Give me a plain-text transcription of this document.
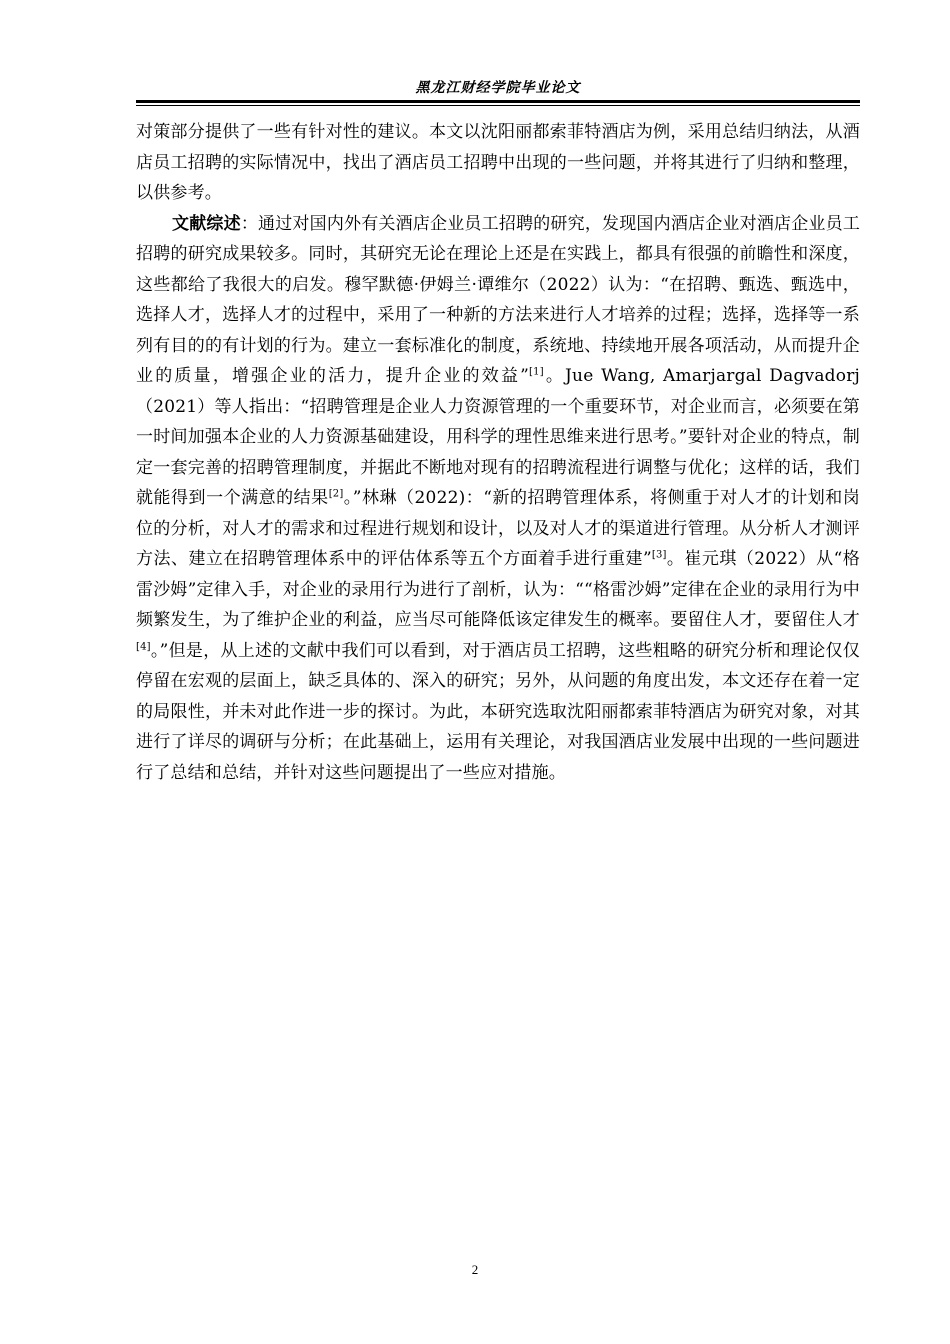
黑龙江财经学院毕业论文

对策部分提供了一些有针对性的建议。本文以沈阳丽都索菲特酒店为例，采用总结归纳法，从酒店员工招聘的实际情况中，找出了酒店员工招聘中出现的一些问题，并将其进行了归纳和整理，以供参考。

文献综述：通过对国内外有关酒店企业员工招聘的研究，发现国内酒店企业对酒店企业员工招聘的研究成果较多。同时，其研究无论在理论上还是在实践上，都具有很强的前瞻性和深度，这些都给了我很大的启发。穆罕默德·伊姆兰·谭维尔（2022）认为：“在招聘、甄选、甄选中，选择人才，选择人才的过程中，采用了一种新的方法来进行人才培养的过程；选择，选择等一系列有目的的有计划的行为。建立一套标准化的制度，系统地、持续地开展各项活动，从而提升企业的质量，增强企业的活力，提升企业的效益”[1]。Jue Wang, Amarjargal Dagvadorj （2021）等人指出：“招聘管理是企业人力资源管理的一个重要环节，对企业而言，必须要在第一时间加强本企业的人力资源基础建设，用科学的理性思维来进行思考。”要针对企业的特点，制定一套完善的招聘管理制度，并据此不断地对现有的招聘流程进行调整与优化；这样的话，我们就能得到一个满意的结果[2]。”林琳（2022)：“新的招聘管理体系，将侧重于对人才的计划和岗位的分析，对人才的需求和过程进行规划和设计，以及对人才的渠道进行管理。从分析人才测评方法、建立在招聘管理体系中的评估体系等五个方面着手进行重建”[3]。崔元琪（2022）从“格雷沙姆”定律入手，对企业的录用行为进行了剖析，认为：““格雷沙姆”定律在企业的录用行为中频繁发生，为了维护企业的利益，应当尽可能降低该定律发生的概率。要留住人才，要留住人才[4]。”但是，从上述的文献中我们可以看到，对于酒店员工招聘，这些粗略的研究分析和理论仅仅停留在宏观的层面上，缺乏具体的、深入的研究；另外，从问题的角度出发，本文还存在着一定的局限性，并未对此作进一步的探讨。为此，本研究选取沈阳丽都索菲特酒店为研究对象，对其进行了详尽的调研与分析；在此基础上，运用有关理论，对我国酒店业发展中出现的一些问题进行了总结和总结，并针对这些问题提出了一些应对措施。

2
